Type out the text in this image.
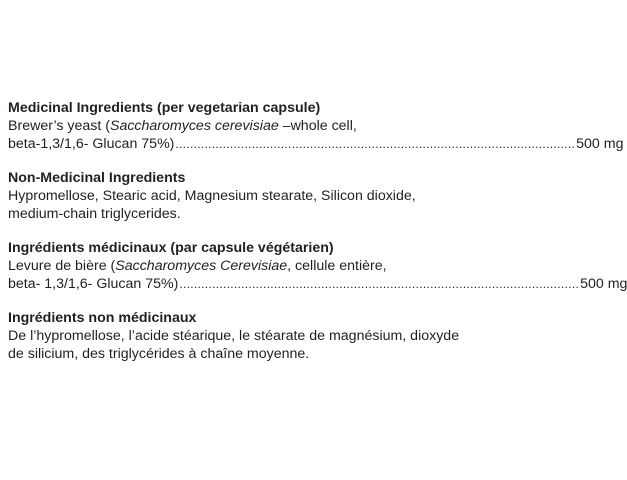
Medicinal Ingredients (per vegetarian capsule)
Brewer’s yeast (Saccharomyces cerevisiae –whole cell,
beta-1,3/1,6- Glucan 75%) .............................................................................................................. 500 mg
Non-Medicinal Ingredients

Hypromellose, Stearic acid, Magnesium stearate, Silicon dioxide, medium-chain triglycerides.

Ingrédients médicinaux (par capsule végétarien)
Levure de bière (Saccharomyces Cerevisiae, cellule entière,
beta- 1,3/1,6- Glucan 75%) .............................................................................................................. 500 mg
Ingrédients non médicinaux

De l’hypromellose, l’acide stéarique, le stéarate de magnésium, dioxyde de silicium, des triglycérides à chaîne moyenne.
